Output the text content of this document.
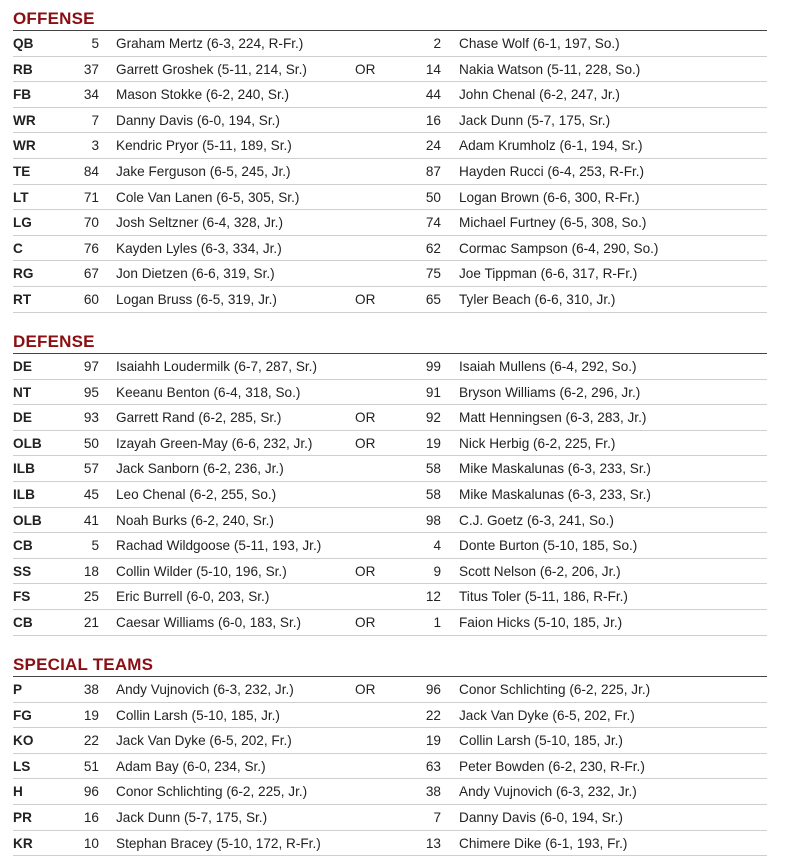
OFFENSE
QB	5 Graham Mertz (6-3, 224, R-Fr.)	2 Chase Wolf (6-1, 197, So.)
RB	37 Garrett Groshek (5-11, 214, Sr.)	OR	14 Nakia Watson (5-11, 228, So.)
FB	34 Mason Stokke (6-2, 240, Sr.)	44 John Chenal (6-2, 247, Jr.)
WR	7 Danny Davis (6-0, 194, Sr.)	16 Jack Dunn (5-7, 175, Sr.)
WR	3 Kendric Pryor (5-11, 189, Sr.)	24 Adam Krumholz (6-1, 194, Sr.)
TE	84 Jake Ferguson (6-5, 245, Jr.)	87 Hayden Rucci (6-4, 253, R-Fr.)
LT	71 Cole Van Lanen (6-5, 305, Sr.)	50 Logan Brown (6-6, 300, R-Fr.)
LG	70 Josh Seltzner (6-4, 328, Jr.)	74 Michael Furtney (6-5, 308, So.)
C	76 Kayden Lyles (6-3, 334, Jr.)	62 Cormac Sampson (6-4, 290, So.)
RG	67 Jon Dietzen (6-6, 319, Sr.)	75 Joe Tippman (6-6, 317, R-Fr.)
RT	60 Logan Bruss (6-5, 319, Jr.)	OR	65 Tyler Beach (6-6, 310, Jr.)
DEFENSE
DE	97 Isaiahh Loudermilk (6-7, 287, Sr.)	99 Isaiah Mullens (6-4, 292, So.)
NT	95 Keeanu Benton (6-4, 318, So.)	91 Bryson Williams (6-2, 296, Jr.)
DE	93 Garrett Rand (6-2, 285, Sr.)	OR	92 Matt Henningsen (6-3, 283, Jr.)
OLB	50 Izayah Green-May (6-6, 232, Jr.)	OR	19 Nick Herbig (6-2, 225, Fr.)
ILB	57 Jack Sanborn (6-2, 236, Jr.)	58 Mike Maskalunas (6-3, 233, Sr.)
ILB	45 Leo Chenal (6-2, 255, So.)	58 Mike Maskalunas (6-3, 233, Sr.)
OLB	41 Noah Burks (6-2, 240, Sr.)	98 C.J. Goetz (6-3, 241, So.)
CB	5 Rachad Wildgoose (5-11, 193, Jr.)	4 Donte Burton (5-10, 185, So.)
SS	18 Collin Wilder (5-10, 196, Sr.)	OR	9 Scott Nelson (6-2, 206, Jr.)
FS	25 Eric Burrell (6-0, 203, Sr.)	12 Titus Toler (5-11, 186, R-Fr.)
CB	21 Caesar Williams (6-0, 183, Sr.)	OR	1 Faion Hicks (5-10, 185, Jr.)
SPECIAL TEAMS
P	38 Andy Vujnovich (6-3, 232, Jr.)	OR	96 Conor Schlichting (6-2, 225, Jr.)
FG	19 Collin Larsh (5-10, 185, Jr.)	22 Jack Van Dyke (6-5, 202, Fr.)
KO	22 Jack Van Dyke (6-5, 202, Fr.)	19 Collin Larsh (5-10, 185, Jr.)
LS	51 Adam Bay (6-0, 234, Sr.)	63 Peter Bowden (6-2, 230, R-Fr.)
H	96 Conor Schlichting (6-2, 225, Jr.)	38 Andy Vujnovich (6-3, 232, Jr.)
PR	16 Jack Dunn (5-7, 175, Sr.)	7 Danny Davis (6-0, 194, Sr.)
KR	10 Stephan Bracey (5-10, 172, R-Fr.)	13 Chimere Dike (6-1, 193, Fr.)
